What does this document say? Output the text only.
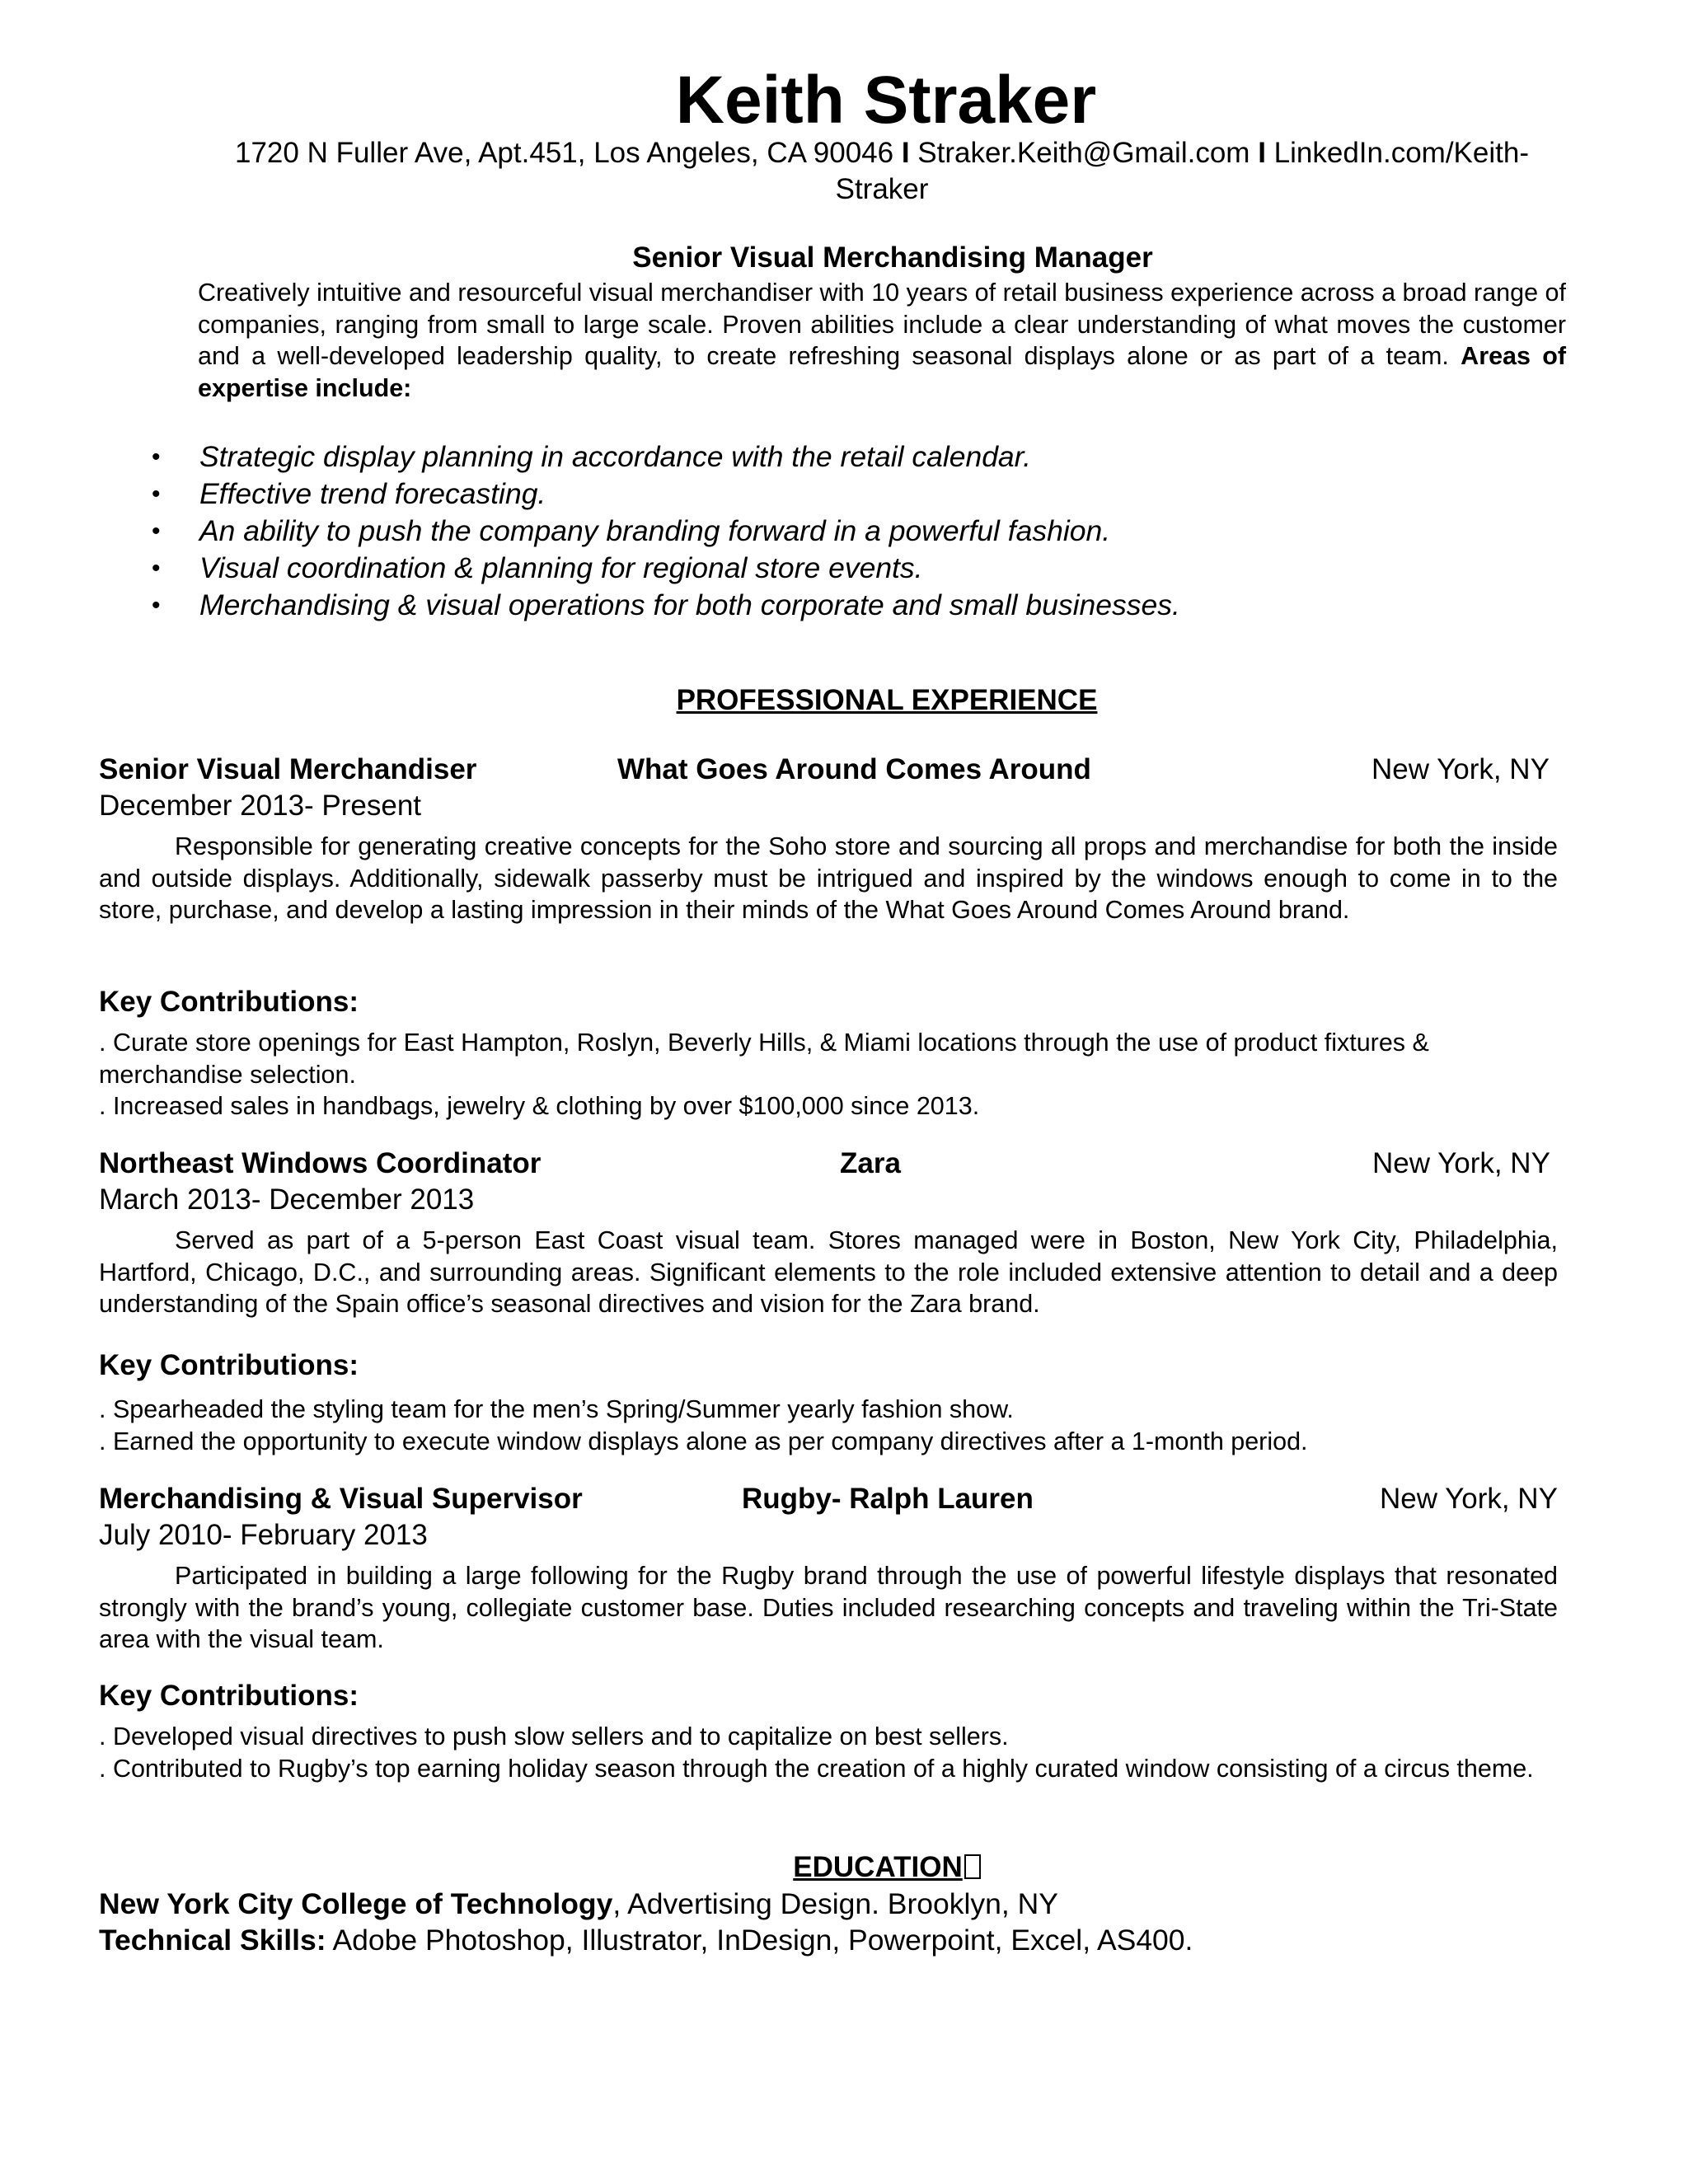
Keith Straker
1720 N Fuller Ave, Apt.451, Los Angeles, CA 90046 I Straker.Keith@Gmail.com I LinkedIn.com/Keith-Straker
Senior Visual Merchandising Manager
Creatively intuitive and resourceful visual merchandiser with 10 years of retail business experience across a broad range of companies, ranging from small to large scale. Proven abilities include a clear understanding of what moves the customer and a well-developed leadership quality, to create refreshing seasonal displays alone or as part of a team. Areas of expertise include:
• Strategic display planning in accordance with the retail calendar.
• Effective trend forecasting.
• An ability to push the company branding forward in a powerful fashion.
• Visual coordination & planning for regional store events.
• Merchandising & visual operations for both corporate and small businesses.
PROFESSIONAL EXPERIENCE
Senior Visual Merchandiser	What Goes Around Comes Around	New York, NY
December 2013- Present
Responsible for generating creative concepts for the Soho store and sourcing all props and merchandise for both the inside and outside displays. Additionally, sidewalk passerby must be intrigued and inspired by the windows enough to come in to the store, purchase, and develop a lasting impression in their minds of the What Goes Around Comes Around brand.
Key Contributions:
. Curate store openings for East Hampton, Roslyn, Beverly Hills, & Miami locations through the use of product fixtures & merchandise selection.
. Increased sales in handbags, jewelry & clothing by over $100,000 since 2013.
Northeast Windows Coordinator	Zara	New York, NY
March 2013- December 2013
Served as part of a 5-person East Coast visual team. Stores managed were in Boston, New York City, Philadelphia, Hartford, Chicago, D.C., and surrounding areas. Significant elements to the role included extensive attention to detail and a deep understanding of the Spain office’s seasonal directives and vision for the Zara brand.
Key Contributions:
. Spearheaded the styling team for the men’s Spring/Summer yearly fashion show.
. Earned the opportunity to execute window displays alone as per company directives after a 1-month period.
Merchandising & Visual Supervisor	Rugby- Ralph Lauren	New York, NY
July 2010- February 2013
Participated in building a large following for the Rugby brand through the use of powerful lifestyle displays that resonated strongly with the brand’s young, collegiate customer base. Duties included researching concepts and traveling within the Tri-State area with the visual team.
Key Contributions:
. Developed visual directives to push slow sellers and to capitalize on best sellers.
. Contributed to Rugby’s top earning holiday season through the creation of a highly curated window consisting of a circus theme.
EDUCATION
New York City College of Technology, Advertising Design. Brooklyn, NY
Technical Skills: Adobe Photoshop, Illustrator, InDesign, Powerpoint, Excel, AS400.
